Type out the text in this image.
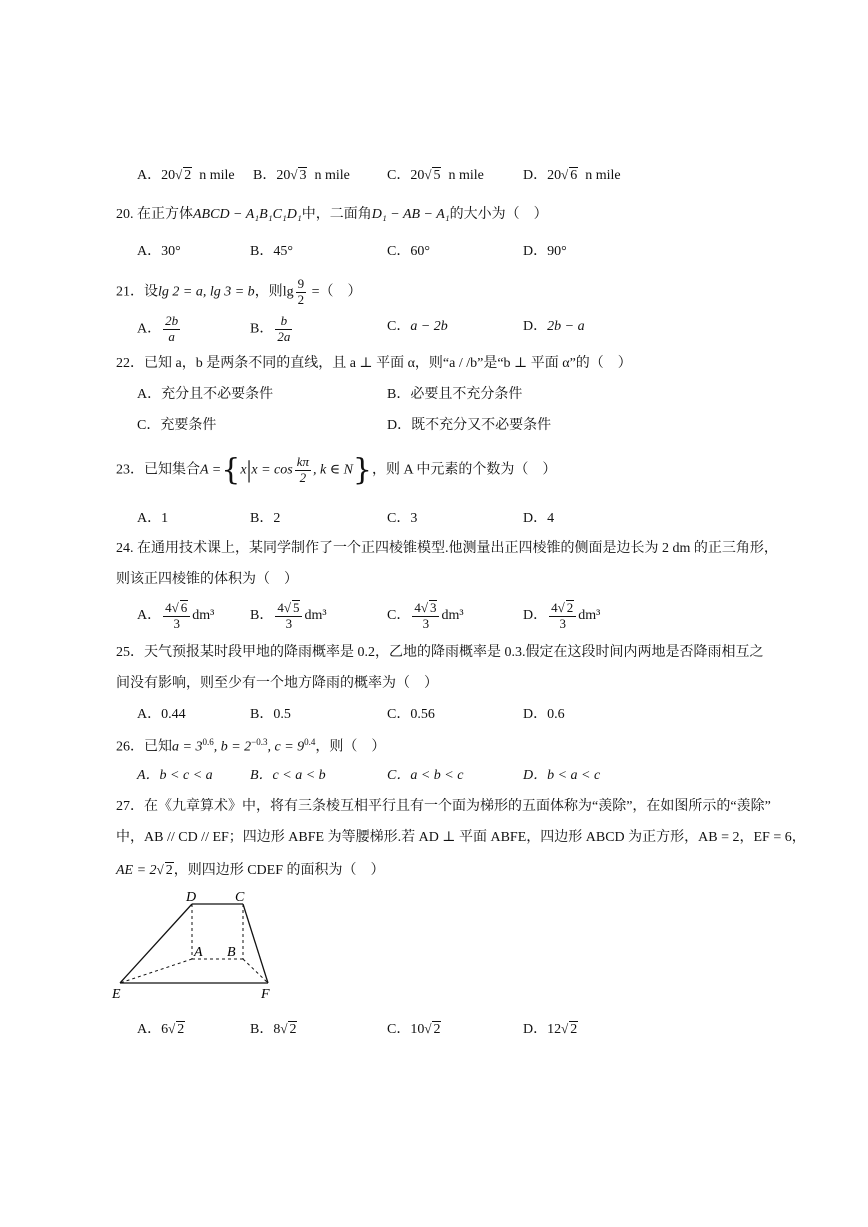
A．20√ 2 n mile B．20√ 3 n mile	C．20√ 5 n mile	D．20√ 6 n mile
20. 在正方体ABCD − A₁B₁C₁D₁中，二面角D₁ − AB − A₁的大小为（　）
A．30°	B．45°	C．60°	D．90°
21．设lg 2 = a, lg 3 = b，则$\lg \frac{9}{2}$ =（　）
A． $\frac{2b}{a}$	B． $\frac{b}{2a}$	C．a − 2b	D．2b − a
22．已知 a，b 是两条不同的直线，且 a ⊥ 平面 α，则“a / /b”是“b ⊥ 平面 α”的（　）
A．充分且不必要条件	B．必要且不充分条件
C．充要条件	D．既不充分又不必要条件
23．已知集合$A =\{x|x = \cos \frac{k\pi}{2}$ , k ∈ N}，则 A 中元素的个数为（　）
A．1	B．2	C．3	D．4
24. 在通用技术课上，某同学制作了一个正四棱锥模型.他测量出正四棱锥的侧面是边长为 2 dm 的正三角形，
则该正四棱锥的体积为（　）
A． $\frac{4√ 6}{3} dm^3$	B． $\frac{4√ 5}{3} dm^3$	C． $\frac{4√ 3}{3} dm^3$	D． $\frac{4√ 2}{3} dm^3$
25．天气预报某时段甲地的降雨概率是 0.2，乙地的降雨概率是 0.3.假定在这段时间内两地是否降雨相互之
间没有影响，则至少有一个地方降雨的概率为（　）
A．0.44	B．0.5	C．0.56	D．0.6
26．已知$a = 3^{0.6}$, $b = 2^{-0.3}$, $c = 9^{0.4}$，则（　）
A．b < c < a	B．c < a < b	C．a < b < c	D．b < a < c
27．在《九章算术》中，将有三条棱互相平行且有一个面为梯形的五面体称为“羡除”，在如图所示的“羡除”
中，AB // CD // EF；四边形 ABFE 为等腰梯形.若 AD ⊥ 平面 ABFE，四边形 ABCD 为正方形，AB = 2，EF = 6，
AE = 2√ 2，则四边形 CDEF 的面积为（　）
D	C
A B
E	F
A．6√ 2	B．8√ 2	C．10√ 2	D．12√ 2
